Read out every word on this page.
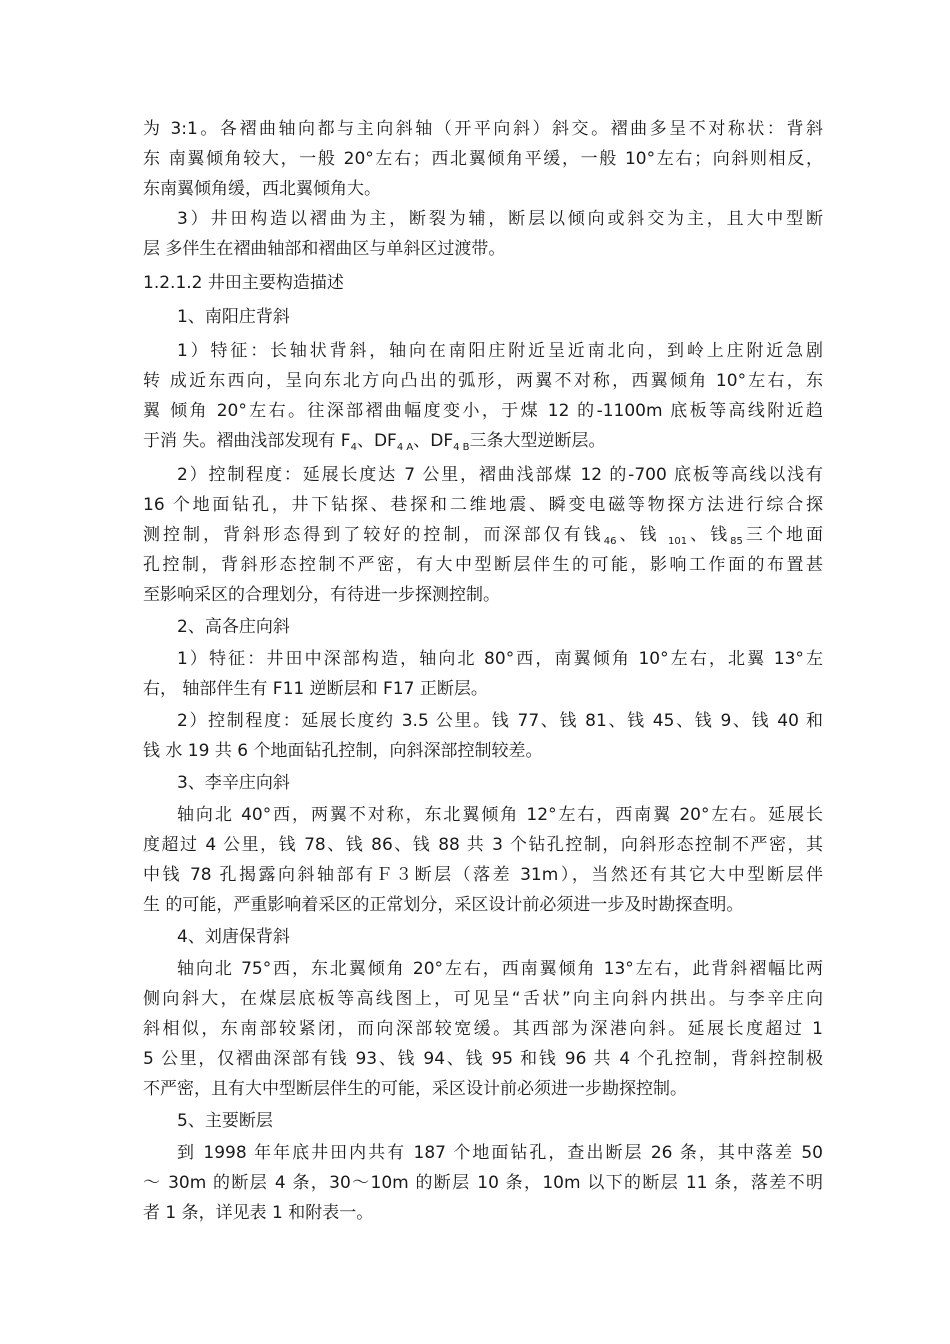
为 3:1。各褶曲轴向都与主向斜轴（开平向斜）斜交。褶曲多呈不对称状：背斜
东 南翼倾角较大，一般 20°左右；西北翼倾角平缓，一般 10°左右；向斜则相反，
东南翼倾角缓，西北翼倾角大。
3）井田构造以褶曲为主，断裂为辅，断层以倾向或斜交为主，且大中型断
层 多伴生在褶曲轴部和褶曲区与单斜区过渡带。
1.2.1.2 井田主要构造描述
1、南阳庄背斜
1）特征：长轴状背斜，轴向在南阳庄附近呈近南北向，到岭上庄附近急剧
转 成近东西向，呈向东北方向凸出的弧形，两翼不对称，西翼倾角 10°左右，东
翼 倾角 20°左右。往深部褶曲幅度变小，于煤 12 的-1100m 底板等高线附近趋
于消 失。褶曲浅部发现有 $F_4$、$DF_{4 A}$、$DF_{4 B}$三条大型逆断层。
2）控制程度：延展长度达 7 公里，褶曲浅部煤 12 的-700 底板等高线以浅有
16 个地面钻孔，井下钻探、巷探和二维地震、瞬变电磁等物探方法进行综合探
测控制，背斜形态得到了较好的控制，而深部仅有钱$_{46}$、钱 $_{101}$、钱$_{85}$三个地面
孔控制，背斜形态控制不严密，有大中型断层伴生的可能，影响工作面的布置甚
至影响采区的合理划分，有待进一步探测控制。
2、高各庄向斜
1）特征：井田中深部构造，轴向北 80°西，南翼倾角 10°左右，北翼 13°左
右， 轴部伴生有 F11 逆断层和 F17 正断层。
2）控制程度：延展长度约 3.5 公里。钱 77、钱 81、钱 45、钱 9、钱 40 和
钱 水 19 共 6 个地面钻孔控制，向斜深部控制较差。
3、李辛庄向斜
轴向北 40°西，两翼不对称，东北翼倾角 12°左右，西南翼 20°左右。延展长
度超过 4 公里，钱 78、钱 86、钱 88 共 3 个钻孔控制，向斜形态控制不严密，其
中钱 78 孔揭露向斜轴部有Ｆ３断层（落差 31m），当然还有其它大中型断层伴
生 的可能，严重影响着采区的正常划分，采区设计前必须进一步及时勘探查明。
4、刘唐保背斜
轴向北 75°西，东北翼倾角 20°左右，西南翼倾角 13°左右，此背斜褶幅比两
侧向斜大，在煤层底板等高线图上，可见呈“舌状”向主向斜内拱出。与李辛庄向
斜相似，东南部较紧闭，而向深部较宽缓。其西部为深港向斜。延展长度超过 1
5 公里，仅褶曲深部有钱 93、钱 94、钱 95 和钱 96 共 4 个孔控制，背斜控制极
不严密，且有大中型断层伴生的可能，采区设计前必须进一步勘探控制。
5、主要断层
到 1998 年年底井田内共有 187 个地面钻孔，查出断层 26 条，其中落差 50
～ 30m 的断层 4 条，30～10m 的断层 10 条，10m 以下的断层 11 条，落差不明
者 1 条，详见表 1 和附表一。
